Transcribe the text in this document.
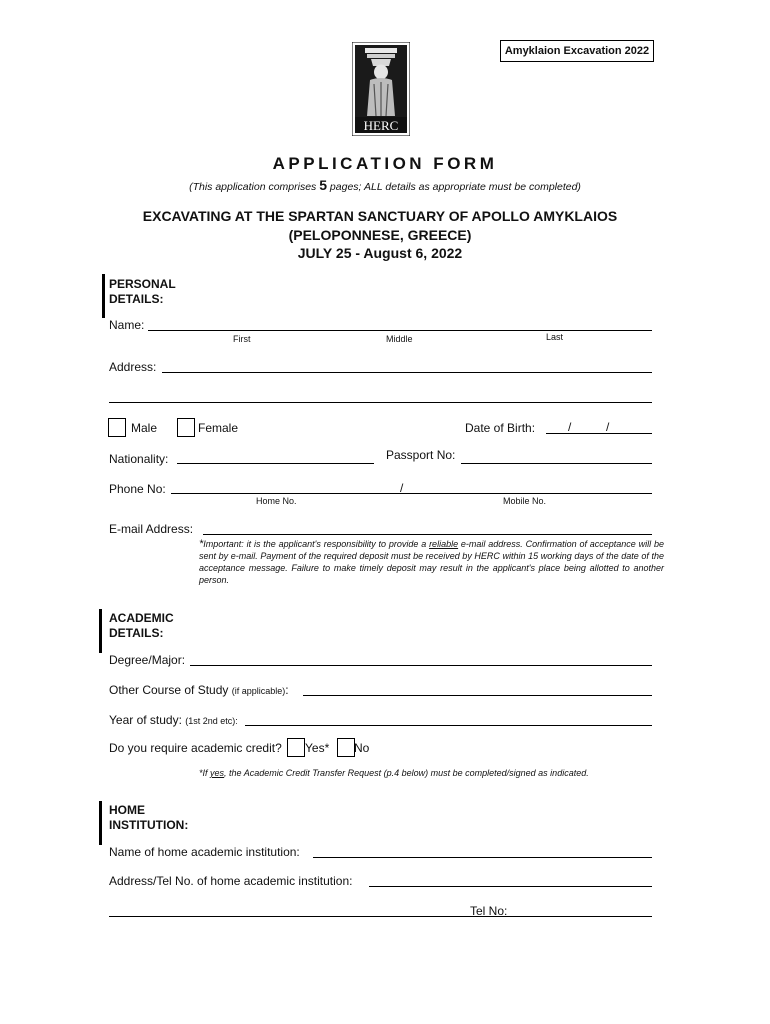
Amyklaion Excavation 2022
HERC
APPLICATION FORM
(This application comprises 5 pages; ALL details as appropriate must be completed)
EXCAVATING AT THE SPARTAN SANCTUARY OF APOLLO AMYKLAIOS
(PELOPONNESE, GREECE)
JULY 25 - August 6, 2022
PERSONAL
DETAILS:
Name:
First	Middle	Last
Address:
Male	Female	Date of Birth:	/	/
Nationality:	Passport No:
Phone No:	/
Home No.	Mobile No.
E-mail Address:
*Important: it is the applicant's responsibility to provide a reliable e-mail address. Confirmation of acceptance will be sent by e-mail. Payment of the required deposit must be received by HERC within 15 working days of the date of the acceptance message. Failure to make timely deposit may result in the applicant's place being allotted to another person.
ACADEMIC
DETAILS:
Degree/Major:
Other Course of Study (if applicable):
Year of study: (1st 2nd etc):
Do you require academic credit? Yes* No
*If yes, the Academic Credit Transfer Request (p.4 below) must be completed/signed as indicated.
HOME
INSTITUTION:
Name of home academic institution:
Address/Tel No. of home academic institution:
Tel No:
